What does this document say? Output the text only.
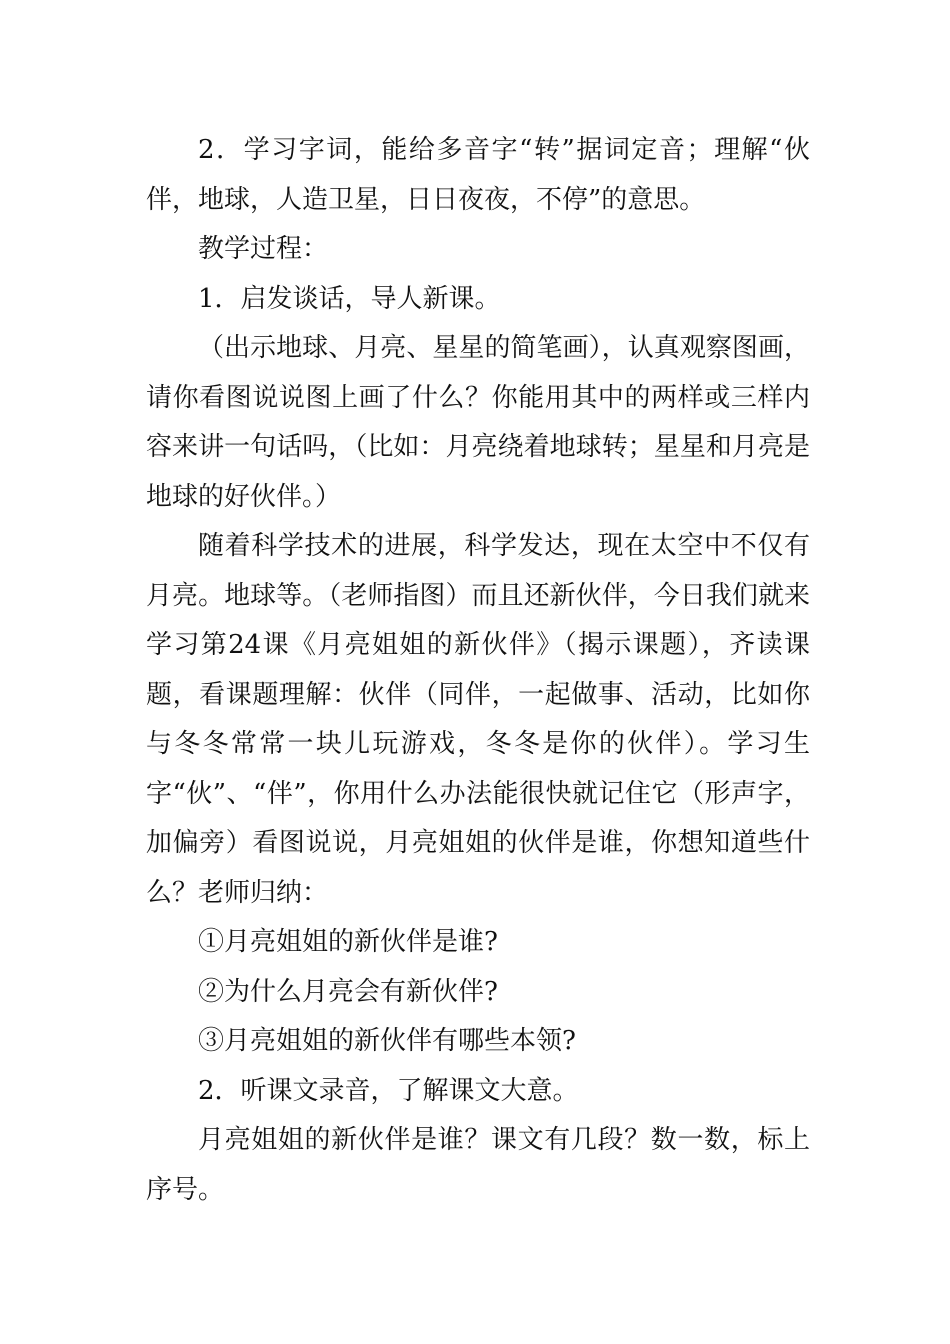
2．学习字词，能给多音字“转”据词定音；理解“伙伴，地球，人造卫星，日日夜夜，不停”的意思。

教学过程：

1．启发谈话，导人新课。

（出示地球、月亮、星星的简笔画），认真观察图画，请你看图说说图上画了什么？你能用其中的两样或三样内容来讲一句话吗，（比如：月亮绕着地球转；星星和月亮是地球的好伙伴。）

随着科学技术的进展，科学发达，现在太空中不仅有月亮。地球等。（老师指图）而且还新伙伴，今日我们就来学习第24课《月亮姐姐的新伙伴》（揭示课题），齐读课题，看课题理解：伙伴（同伴，一起做事、活动，比如你与冬冬常常一块儿玩游戏，冬冬是你的伙伴）。学习生字“伙”、“伴”，你用什么办法能很快就记住它（形声字，加偏旁）看图说说，月亮姐姐的伙伴是谁，你想知道些什么？老师归纳：

①月亮姐姐的新伙伴是谁?

②为什么月亮会有新伙伴?

③月亮姐姐的新伙伴有哪些本领?

2．听课文录音，了解课文大意。

月亮姐姐的新伙伴是谁？课文有几段？数一数，标上序号。
